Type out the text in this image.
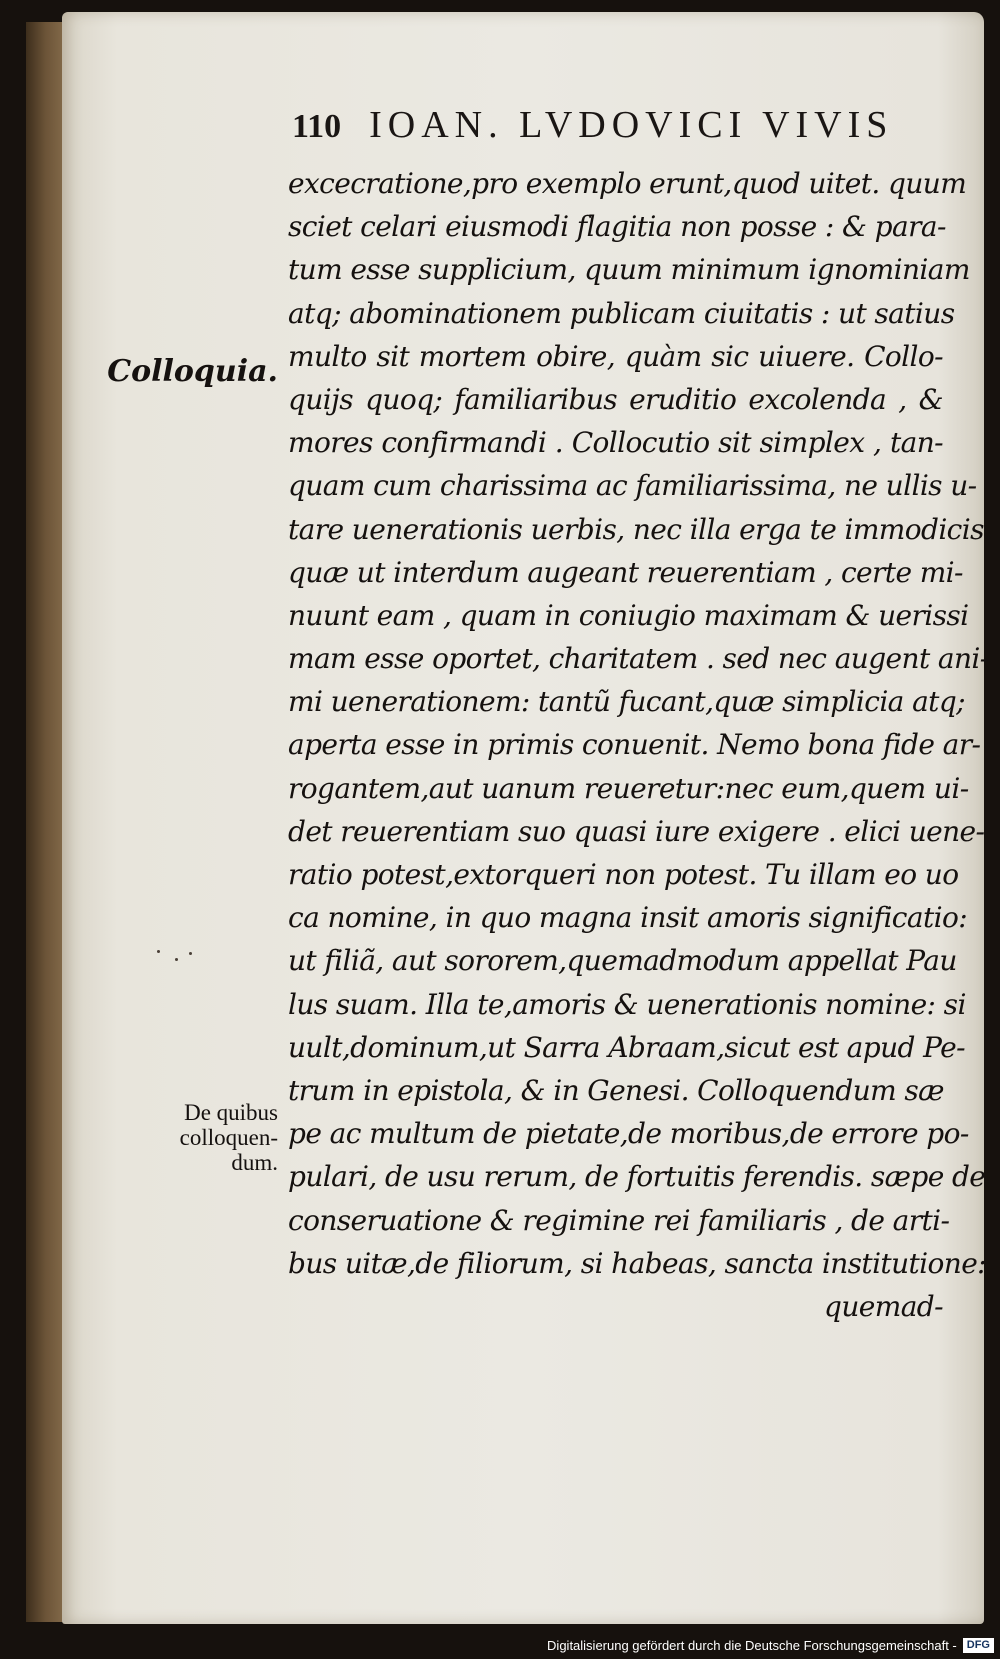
110 IOAN. LVDOVICI VIVIS
Colloquia.
De quibus
colloquen-
dum.
excecratione,pro exemplo erunt,quod uitet. quum
sciet celari eiusmodi flagitia non posse : & para-
tum esse supplicium, quum minimum ignominiam
atq; abominationem publicam ciuitatis : ut satius
multo sit mortem obire, quàm sic uiuere. Collo-
quijs quoq; familiaribus eruditio excolenda , &
mores confirmandi . Collocutio sit simplex , tan-
quam cum charissima ac familiarissima, ne ullis u-
tare uenerationis uerbis, nec illa erga te immodicis.
quæ ut interdum augeant reuerentiam , certe mi-
nuunt eam , quam in coniugio maximam & uerissi
mam esse oportet, charitatem . sed nec augent ani-
mi uenerationem: tantũ fucant,quæ simplicia atq;
aperta esse in primis conuenit. Nemo bona fide ar-
rogantem,aut uanum reueretur:nec eum,quem ui-
det reuerentiam suo quasi iure exigere . elici uene-
ratio potest,extorqueri non potest. Tu illam eo uo
ca nomine, in quo magna insit amoris significatio:
ut filiã, aut sororem,quemadmodum appellat Pau
lus suam. Illa te,amoris & uenerationis nomine: si
uult,dominum,ut Sarra Abraam,sicut est apud Pe-
trum in epistola, & in Genesi. Colloquendum sæ
pe ac multum de pietate,de moribus,de errore po-
pulari, de usu rerum, de fortuitis ferendis. sæpe de
conseruatione & regimine rei familiaris , de arti-
bus uitæ,de filiorum, si habeas, sancta institutione:
quemad-
Digitalisierung gefördert durch die Deutsche Forschungsgemeinschaft - DFG
